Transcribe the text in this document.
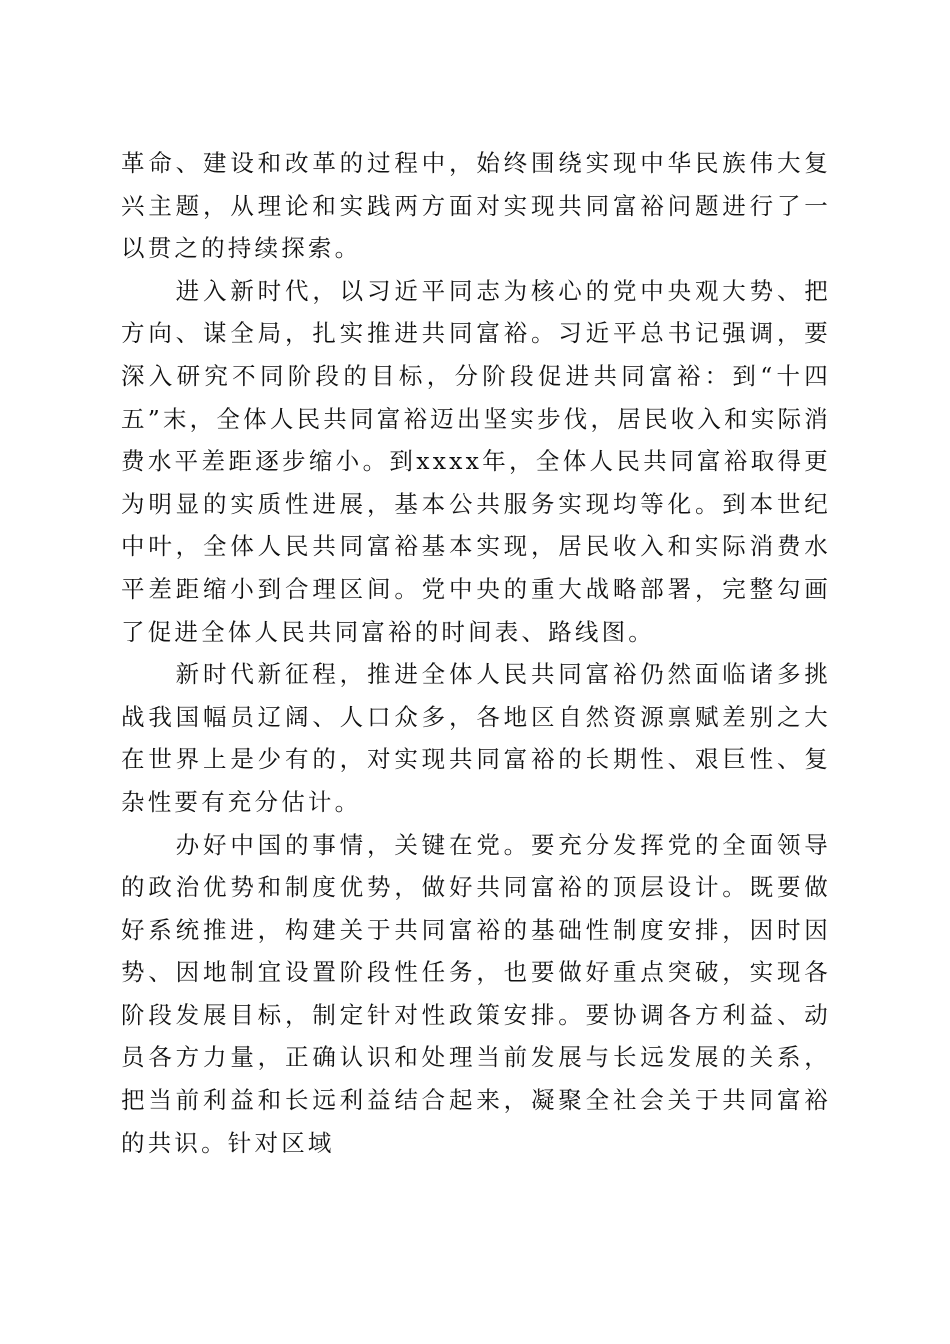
革命、建设和改革的过程中，始终围绕实现中华民族伟大复兴主题，从理论和实践两方面对实现共同富裕问题进行了一以贯之的持续探索。

　　进入新时代，以习近平同志为核心的党中央观大势、把方向、谋全局，扎实推进共同富裕。习近平总书记强调，要深入研究不同阶段的目标，分阶段促进共同富裕：到“十四五”末，全体人民共同富裕迈出坚实步伐，居民收入和实际消费水平差距逐步缩小。到xxxx年，全体人民共同富裕取得更为明显的实质性进展，基本公共服务实现均等化。到本世纪中叶，全体人民共同富裕基本实现，居民收入和实际消费水平差距缩小到合理区间。党中央的重大战略部署，完整勾画了促进全体人民共同富裕的时间表、路线图。

　　新时代新征程，推进全体人民共同富裕仍然面临诸多挑战我国幅员辽阔、人口众多，各地区自然资源禀赋差别之大在世界上是少有的，对实现共同富裕的长期性、艰巨性、复杂性要有充分估计。

　　办好中国的事情，关键在党。要充分发挥党的全面领导的政治优势和制度优势，做好共同富裕的顶层设计。既要做好系统推进，构建关于共同富裕的基础性制度安排，因时因势、因地制宜设置阶段性任务，也要做好重点突破，实现各阶段发展目标，制定针对性政策安排。要协调各方利益、动员各方力量，正确认识和处理当前发展与长远发展的关系，把当前利益和长远利益结合起来，凝聚全社会关于共同富裕的共识。针对区域
